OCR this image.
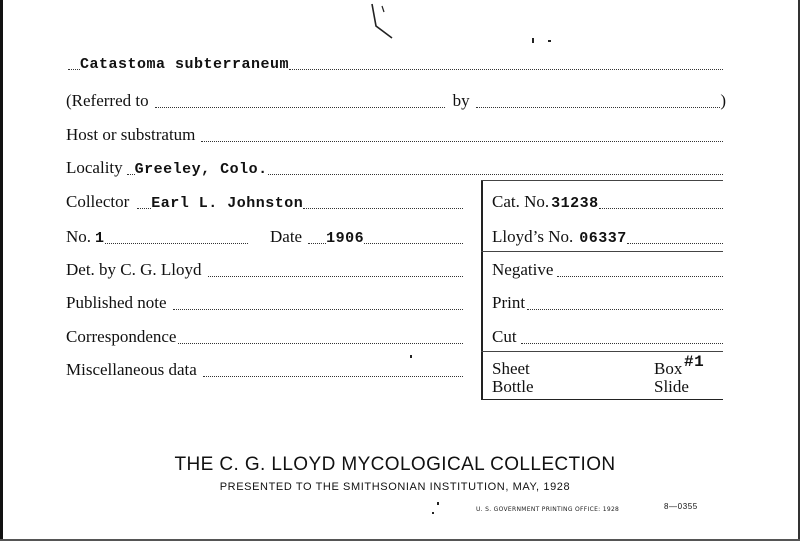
Catastoma subterraneum
(Referred to	by	)
Host or substratum
Locality Greeley, Colo.
Collector Earl L. Johnston
No. 1	Date 1906
Det. by C. G. Lloyd
Published note
Correspondence
Miscellaneous data
Cat. No. 31238
Lloyd’s No. 06337
Negative
Print
Cut
Sheet	Box #1
Bottle	Slide
THE C. G. LLOYD MYCOLOGICAL COLLECTION
PRESENTED TO THE SMITHSONIAN INSTITUTION, MAY, 1928
U. S. GOVERNMENT PRINTING OFFICE: 1928	8—0355
